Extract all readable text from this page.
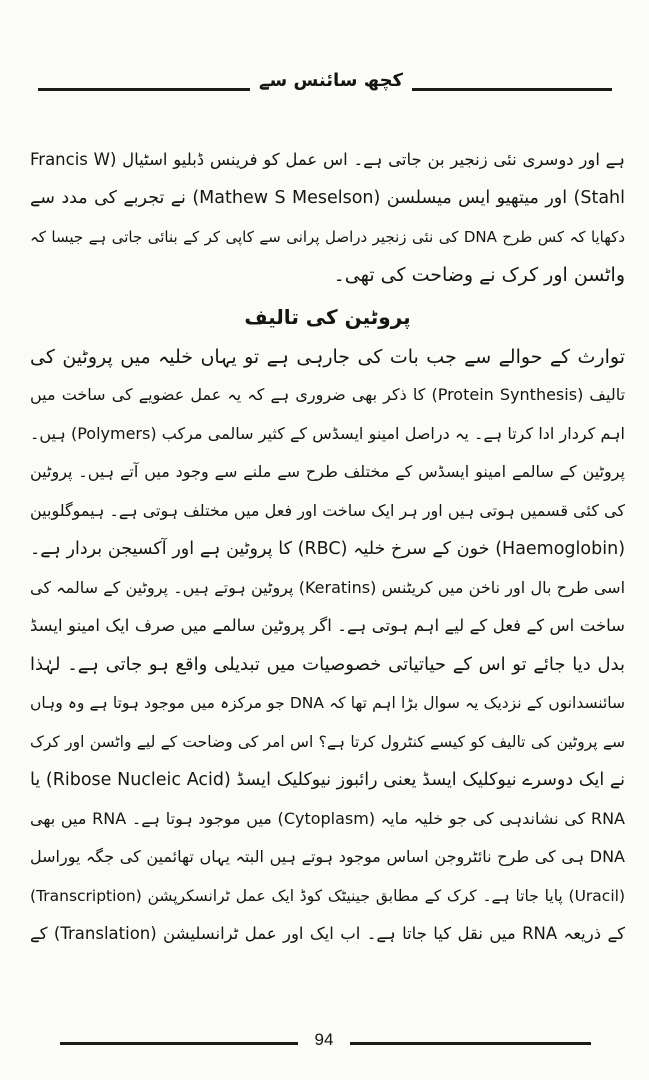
کچھ سائنس سے
ہے اور دوسری نئی زنجیر بن جاتی ہے۔ اس عمل کو فرینس ڈبلیو اسٹیال (Francis W
Stahl) اور میتھیو ایس میسلسن (Mathew S Meselson) نے تجربے کی مدد سے
دکھایا کہ کس طرح DNA کی نئی زنجیر دراصل پرانی سے کاپی کر کے بنائی جاتی ہے جیسا کہ
واٹسن اور کرک نے وضاحت کی تھی۔
پروٹین کی تالیف
توارث کے حوالے سے جب بات کی جارہی ہے تو یہاں خلیہ میں پروٹین کی
تالیف (Protein Synthesis) کا ذکر بھی ضروری ہے کہ یہ عمل عضویے کی ساخت میں
اہم کردار ادا کرتا ہے۔ یہ دراصل امینو ایسڈس کے کثیر سالمی مرکب (Polymers) ہیں۔
پروٹین کے سالمے امینو ایسڈس کے مختلف طرح سے ملنے سے وجود میں آتے ہیں۔ پروٹین
کی کئی قسمیں ہوتی ہیں اور ہر ایک ساخت اور فعل میں مختلف ہوتی ہے۔ ہیموگلوبین
(Haemoglobin) خون کے سرخ خلیہ (RBC) کا پروٹین ہے اور آکسیجن بردار ہے۔
اسی طرح بال اور ناخن میں کریٹنس (Keratins) پروٹین ہوتے ہیں۔ پروٹین کے سالمہ کی
ساخت اس کے فعل کے لیے اہم ہوتی ہے۔ اگر پروٹین سالمے میں صرف ایک امینو ایسڈ
بدل دیا جائے تو اس کے حیاتیاتی خصوصیات میں تبدیلی واقع ہو جاتی ہے۔ لہٰذا
سائنسدانوں کے نزدیک یہ سوال بڑا اہم تھا کہ DNA جو مرکزہ میں موجود ہوتا ہے وہ وہاں
سے پروٹین کی تالیف کو کیسے کنٹرول کرتا ہے؟ اس امر کی وضاحت کے لیے واٹسن اور کرک
نے ایک دوسرے نیوکلیک ایسڈ یعنی رائبوز نیوکلیک ایسڈ (Ribose Nucleic Acid) یا
RNA کی نشاندہی کی جو خلیہ مایہ (Cytoplasm) میں موجود ہوتا ہے۔ RNA میں بھی
DNA ہی کی طرح نائٹروجن اساس موجود ہوتے ہیں البتہ یہاں تھائمین کی جگہ یوراسل
(Uracil) پایا جاتا ہے۔ کرک کے مطابق جینیٹک کوڈ ایک عمل ٹرانسکرپشن (Transcription)
کے ذریعہ RNA میں نقل کیا جاتا ہے۔ اب ایک اور عمل ٹرانسلیشن (Translation) کے
94
